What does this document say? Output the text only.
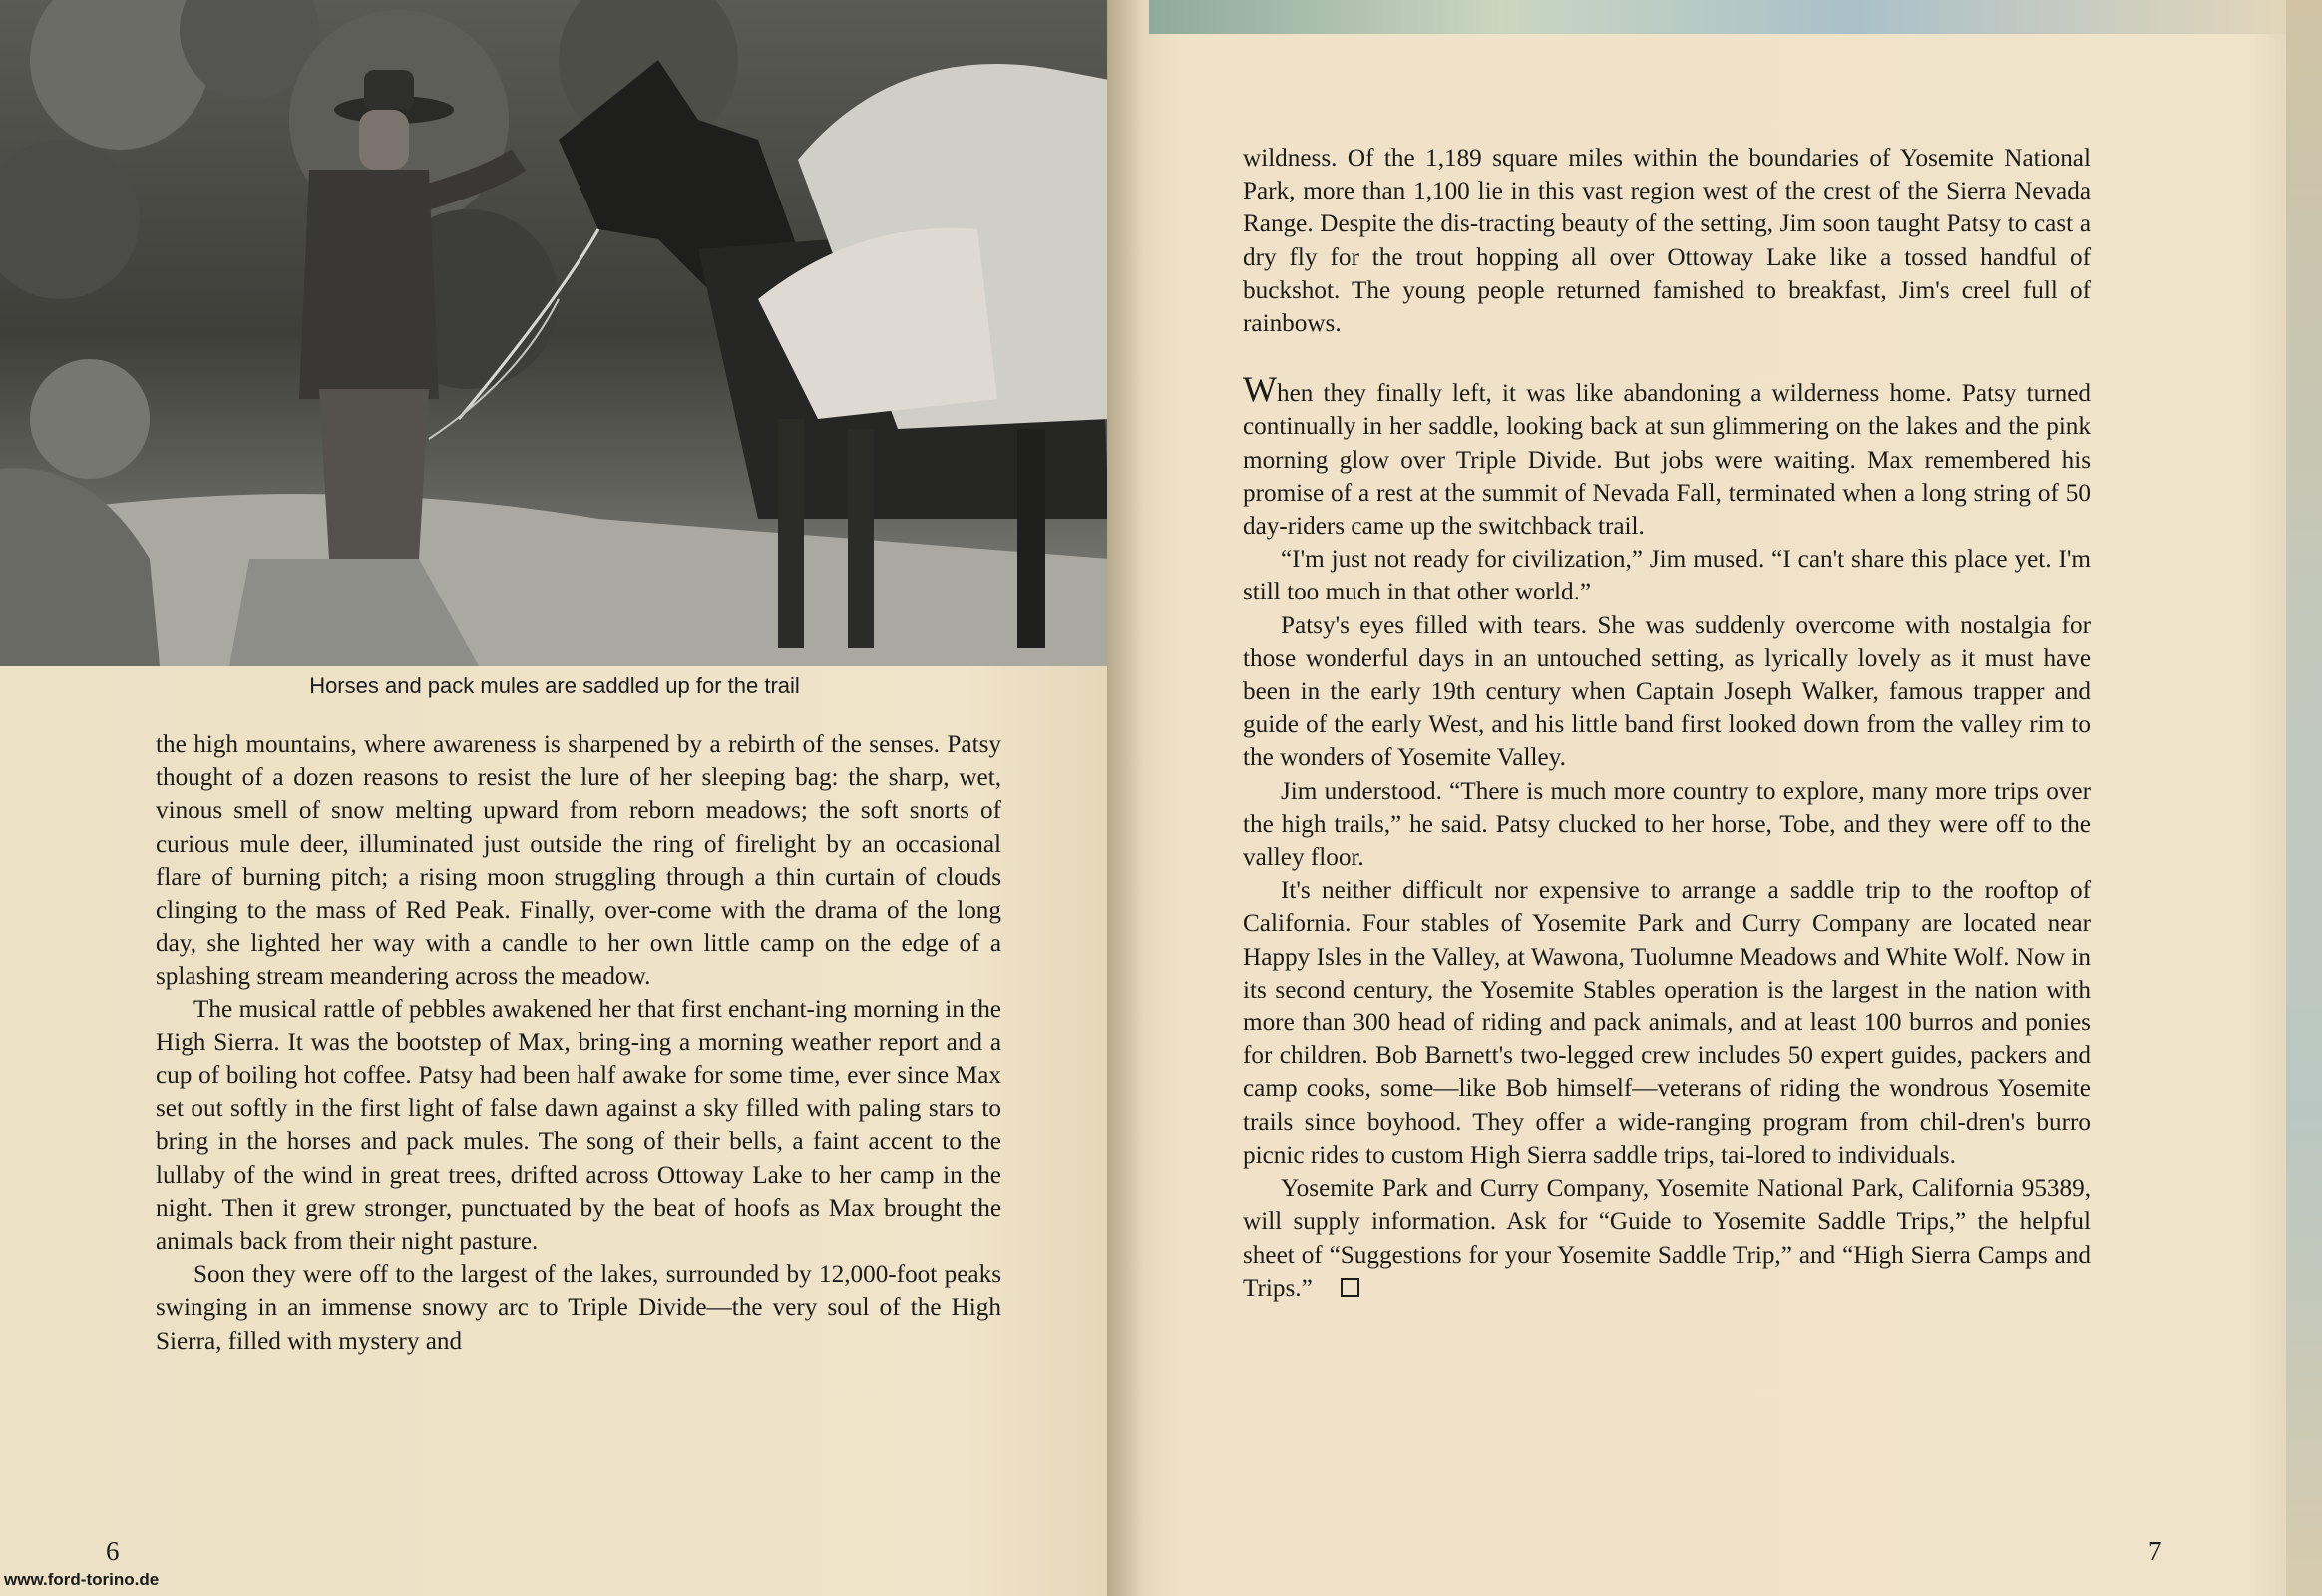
Horses and pack mules are saddled up for the trail

the high mountains, where awareness is sharpened by a rebirth of the senses. Patsy thought of a dozen reasons to resist the lure of her sleeping bag: the sharp, wet, vinous smell of snow melting upward from reborn meadows; the soft snorts of curious mule deer, illuminated just outside the ring of firelight by an occasional flare of burning pitch; a rising moon struggling through a thin curtain of clouds clinging to the mass of Red Peak. Finally, over-come with the drama of the long day, she lighted her way with a candle to her own little camp on the edge of a splashing stream meandering across the meadow.

The musical rattle of pebbles awakened her that first enchant-ing morning in the High Sierra. It was the bootstep of Max, bring-ing a morning weather report and a cup of boiling hot coffee. Patsy had been half awake for some time, ever since Max set out softly in the first light of false dawn against a sky filled with paling stars to bring in the horses and pack mules. The song of their bells, a faint accent to the lullaby of the wind in great trees, drifted across Ottoway Lake to her camp in the night. Then it grew stronger, punctuated by the beat of hoofs as Max brought the animals back from their night pasture.

Soon they were off to the largest of the lakes, surrounded by 12,000-foot peaks swinging in an immense snowy arc to Triple Divide—the very soul of the High Sierra, filled with mystery and

6
www.ford-torino.de

wildness. Of the 1,189 square miles within the boundaries of Yosemite National Park, more than 1,100 lie in this vast region west of the crest of the Sierra Nevada Range. Despite the dis-tracting beauty of the setting, Jim soon taught Patsy to cast a dry fly for the trout hopping all over Ottoway Lake like a tossed handful of buckshot. The young people returned famished to breakfast, Jim's creel full of rainbows.

When they finally left, it was like abandoning a wilderness home. Patsy turned continually in her saddle, looking back at sun glimmering on the lakes and the pink morning glow over Triple Divide. But jobs were waiting. Max remembered his promise of a rest at the summit of Nevada Fall, terminated when a long string of 50 day-riders came up the switchback trail.

“I'm just not ready for civilization,” Jim mused. “I can't share this place yet. I'm still too much in that other world.”

Patsy's eyes filled with tears. She was suddenly overcome with nostalgia for those wonderful days in an untouched setting, as lyrically lovely as it must have been in the early 19th century when Captain Joseph Walker, famous trapper and guide of the early West, and his little band first looked down from the valley rim to the wonders of Yosemite Valley.

Jim understood. “There is much more country to explore, many more trips over the high trails,” he said. Patsy clucked to her horse, Tobe, and they were off to the valley floor.

It's neither difficult nor expensive to arrange a saddle trip to the rooftop of California. Four stables of Yosemite Park and Curry Company are located near Happy Isles in the Valley, at Wawona, Tuolumne Meadows and White Wolf. Now in its second century, the Yosemite Stables operation is the largest in the nation with more than 300 head of riding and pack animals, and at least 100 burros and ponies for children. Bob Barnett's two-legged crew includes 50 expert guides, packers and camp cooks, some—like Bob himself—veterans of riding the wondrous Yosemite trails since boyhood. They offer a wide-ranging program from chil-dren's burro picnic rides to custom High Sierra saddle trips, tai-lored to individuals.

Yosemite Park and Curry Company, Yosemite National Park, California 95389, will supply information. Ask for “Guide to Yosemite Saddle Trips,” the helpful sheet of “Suggestions for your Yosemite Saddle Trip,” and “High Sierra Camps and Trips.”

7
